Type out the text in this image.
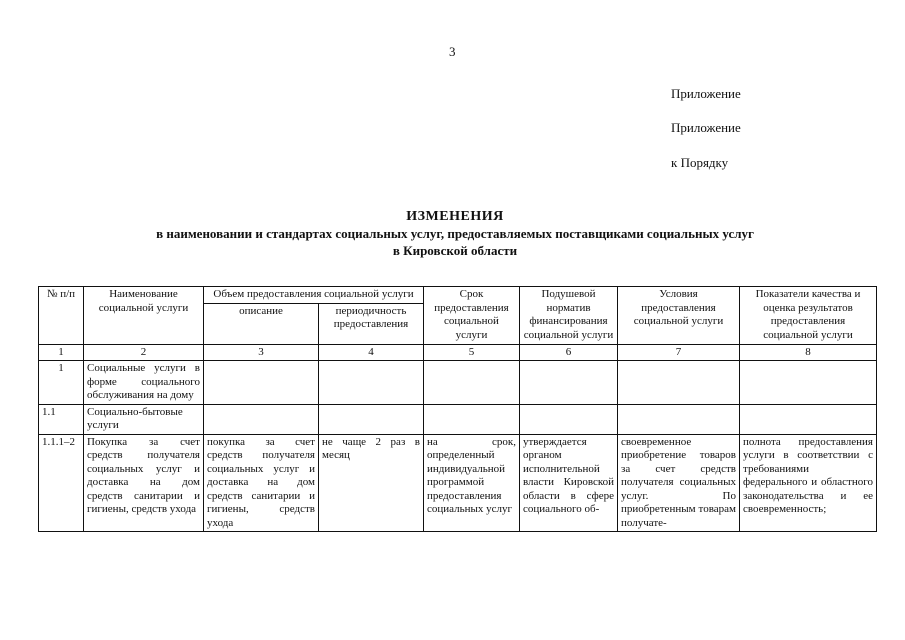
3
Приложение
Приложение
к Порядку
ИЗМЕНЕНИЯ
в наименовании и стандартах социальных услуг, предоставляемых поставщиками социальных услуг
в Кировской области
№ п/п	Наименование социальной услуги	Объем предоставления социальной услуги		Срок предоставления социальной услуги	Подушевой норматив финансирования социальной услуги	Условия предоставления социальной услуги	Показатели качества и оценка результатов предоставления социальной услуги
		описание	периодичность предоставления				
1	2	3	4	5	6	7	8
1	Социальные услуги в форме социального обслуживания на дому						
1.1	Социально-бытовые услуги						
1.1.1–2	Покупка за счет средств получателя социальных услуг и доставка на дом средств санитарии и гигиены, средств ухода	покупка за счет средств получателя социальных услуг и доставка на дом средств санитарии и гигиены, средств ухода	не чаще 2 раз в месяц	на срок, определенный индивидуальной программой предоставления социальных услуг	утверждается органом исполнительной власти Кировской области в сфере социального об-	своевременное приобретение товаров за счет средств получателя социальных услуг. По приобретенным товарам получате-	полнота предоставления услуги в соответствии с требованиями федерального и областного законодательства и ее своевременность;
